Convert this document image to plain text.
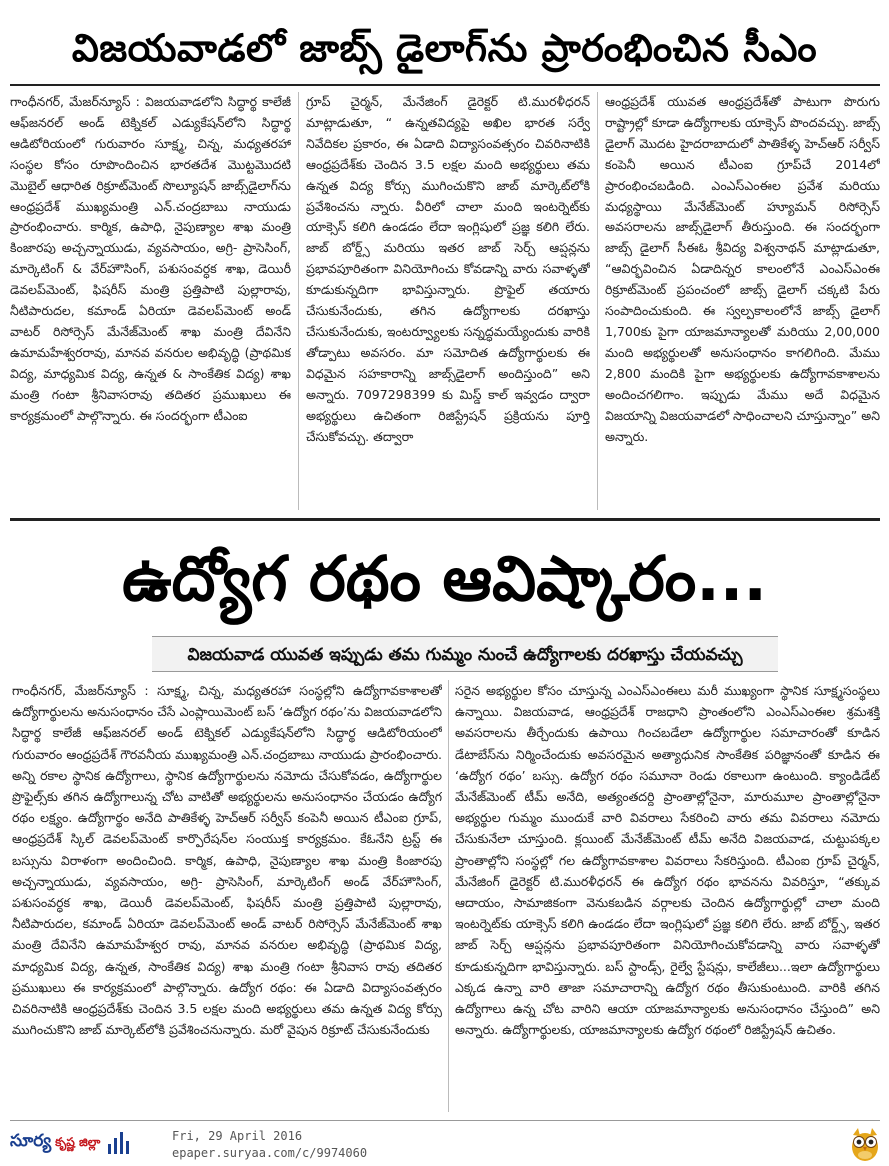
విజయవాడలో జాబ్స్ డైలాగ్‌ను ప్రారంభించిన సీఎం
గాంధీనగర్, మేజర్‌న్యూస్ : విజయవాడలోని సిద్ధార్థ కాలేజీ ఆఫ్‌జనరల్ అండ్ టెక్నికల్ ఎడ్యుకేషన్‌లోని సిద్ధార్థ ఆడిటోరియంలో గురువారం సూక్ష్మ, చిన్న, మధ్యతరహా సంస్థల కోసం రూపొందించిన భారతదేశ మొట్టమొదటి మొబైల్ ఆధారిత రిక్రూట్‌మెంట్ సొల్యూషన్ జాబ్స్‌డైలాగ్‌ను ఆంధ్రప్రదేశ్ ముఖ్యమంత్రి ఎన్.చంద్రబాబు నాయుడు ప్రారంభించారు. కార్మిక, ఉపాధి, నైపుణ్యాల శాఖ మంత్రి కింజారపు అచ్చన్నాయుడు, వ్యవసాయం, అగ్రి- ప్రాసెసింగ్, మార్కెటింగ్ & వేర్‌హౌసింగ్, పశుసంవర్ధక శాఖ, డెయిరీ డెవలప్‌మెంట్, ఫిషరీస్ మంత్రి ప్రత్తిపాటి పుల్లారావు, నీటిపారుదల, కమాండ్ ఏరియా డెవలప్‌మెంట్ అండ్ వాటర్ రిసోర్సెస్ మేనేజ్‌మెంట్ శాఖ మంత్రి దేవినేని ఉమామహేశ్వరరావు, మానవ వనరుల అభివృద్ధి (ప్రాథమిక విద్య, మాధ్యమిక విద్య, ఉన్నత & సాంకేతిక విద్య) శాఖ మంత్రి గంటా శ్రీనివాసరావు తదితర ప్రముఖులు ఈ కార్యక్రమంలో పాల్గొన్నారు. ఈ సందర్భంగా టీఎంఐ
గ్రూప్ చైర్మన్, మేనేజింగ్ డైరెక్టర్ టి.మురళీధరన్ మాట్లాడుతూ, “ ఉన్నతవిద్యపై అఖిల భారత సర్వే నివేదికల ప్రకారం, ఈ ఏడాది విద్యాసంవత్సరం చివరినాటికి ఆంధ్రప్రదేశ్‌కు చెందిన 3.5 లక్షల మంది అభ్యర్థులు తమ ఉన్నత విద్య కోర్సు ముగించుకొని జాబ్ మార్కెట్‌లోకి ప్రవేశించను న్నారు. వీరిలో చాలా మంది ఇంటర్నెట్‌కు యాక్సెస్ కలిగి ఉండడం లేదా ఇంగ్లిషులో ప్రజ్ఞ కలిగి లేరు. జాబ్ బోర్డ్స్ మరియు ఇతర జాబ్ సెర్చ్ ఆప్షన్లను ప్రభావపూరితంగా వినియోగించు కోవడాన్ని వారు సవాళ్ళతో కూడుకున్నదిగా భావిస్తున్నారు. ప్రొఫైల్ తయారు చేసుకునేందుకు, తగిన ఉద్యోగాలకు దరఖాస్తు చేసుకునేందుకు, ఇంటర్వ్యూలకు సన్నద్ధమయ్యేందుకు వారికి తోడ్పాటు అవసరం. మా సమోదిత ఉద్యోగార్థులకు ఈ విధమైన సహకారాన్ని జాబ్స్‌డైలాగ్ అందిస్తుంది” అని అన్నారు. 7097298399 కు మిస్డ్ కాల్ ఇవ్వడం ద్వారా అభ్యర్థులు ఉచితంగా రిజిస్ట్రేషన్ ప్రక్రియను పూర్తి చేసుకోవచ్చు. తద్వారా
ఆంధ్రప్రదేశ్ యువత ఆంధ్రప్రదేశ్‌తో పాటుగా పొరుగు రాష్ట్రాల్లో కూడా ఉద్యోగాలకు యాక్సెస్ పొందవచ్చు. జాబ్స్ డైలాగ్ మొదట హైదరాబాదులో పాతికేళ్ళ హెచ్‌ఆర్ సర్వీస్ కంపెనీ అయిన టీఎంఐ గ్రూప్‌చే 2014లో ప్రారంభించబడింది. ఎంఎస్‌ఎంఈల ప్రవేశ మరియు మధ్యస్థాయి మేనేజ్‌మెంట్ హ్యూమన్ రిసోర్సెస్ అవసరాలను జాబ్స్‌డైలాగ్ తీరుస్తుంది. ఈ సందర్భంగా జాబ్స్ డైలాగ్ సీఈఓ శ్రీవిద్య విశ్వనాథన్ మాట్లాడుతూ, “ఆవిర్భవించిన ఏడాదిన్నర కాలంలోనే ఎంఎస్‌ఎంఈ రిక్రూట్‌మెంట్ ప్రపంచంలో జాబ్స్ డైలాగ్ చక్కటి పేరు సంపాదించుకుంది. ఈ స్వల్పకాలంలోనే జాబ్స్ డైలాగ్ 1,700కు పైగా యాజమాన్యాలతో మరియు 2,00,000 మంది అభ్యర్థులతో అనుసంధానం కాగలిగింది. మేము 2,800 మందికి పైగా అభ్యర్థులకు ఉద్యోగావకాశాలను అందించగలిగాం. ఇప్పుడు మేము అదే విధమైన విజయాన్ని విజయవాడలో సాధించాలని చూస్తున్నాం” అని అన్నారు.
ఉద్యోగ రథం ఆవిష్కారం...
విజయవాడ యువత ఇప్పుడు తమ గుమ్మం నుంచే ఉద్యోగాలకు దరఖాస్తు చేయవచ్చు
గాంధీనగర్, మేజర్‌న్యూస్ : సూక్ష్మ, చిన్న, మధ్యతరహా సంస్థల్లోని ఉద్యోగావకాశాలతో ఉద్యోగార్థులను అనుసంధానం చేసే ఎంప్లాయిమెంట్ బస్ ‘ఉద్యోగ రథం’ను విజయవాడలోని సిద్ధార్థ కాలేజీ ఆఫ్‌జనరల్ అండ్ టెక్నికల్ ఎడ్యుకేషన్‌లోని సిద్ధార్థ ఆడిటోరియంలో గురువారం ఆంధ్రప్రదేశ్ గౌరవనీయ ముఖ్యమంత్రి ఎన్.చంద్రబాబు నాయుడు ప్రారంభించారు. అన్ని రకాల స్థానిక ఉద్యోగాలు, స్థానిక ఉద్యోగార్థులను నమోదు చేసుకోవడం, ఉద్యోగార్థుల ప్రొఫైల్స్‌కు తగిన ఉద్యోగాలున్న చోట వాటితో అభ్యర్థులను అనుసంధానం చేయడం ఉద్యోగ రథం లక్ష్యం. ఉద్యోగార్థం అనేది పాతికేళ్ళ హెచ్‌ఆర్ సర్వీస్ కంపెనీ అయిన టీఎంఐ గ్రూప్, ఆంధ్రప్రదేశ్ స్కిల్ డెవలప్‌మెంట్ కార్పొరేషన్‌ల సంయుక్త కార్యక్రమం. కేఓనేని ట్రస్ట్ ఈ బస్సును విరాళంగా అందించింది. కార్మిక, ఉపాధి, నైపుణ్యాల శాఖ మంత్రి కింజారపు అచ్చన్నాయుడు, వ్యవసాయం, అగ్రి- ప్రాసెసింగ్, మార్కెటింగ్ అండ్ వేర్‌హౌసింగ్, పశుసంవర్ధక శాఖ, డెయిరీ డెవలప్‌మెంట్, ఫిషరీస్ మంత్రి ప్రత్తిపాటి పుల్లారావు, నీటిపారుదల, కమాండ్ ఏరియా డెవలప్‌మెంట్ అండ్ వాటర్ రిసోర్సెస్ మేనేజ్‌మెంట్ శాఖ మంత్రి దేవినేని ఉమామహేశ్వర రావు, మానవ వనరుల అభివృద్ధి (ప్రాథమిక విద్య, మాధ్యమిక విద్య, ఉన్నత, సాంకేతిక విద్య) శాఖ మంత్రి గంటా శ్రీనివాస రావు తదితర ప్రముఖులు ఈ కార్యక్రమంలో పాల్గొన్నారు. ఉద్యోగ రథం: ఈ ఏడాది విద్యాసంవత్సరం చివరినాటికి ఆంధ్రప్రదేశ్‌కు చెందిన 3.5 లక్షల మంది అభ్యర్థులు తమ ఉన్నత విద్య కోర్సు ముగించుకొని జాబ్ మార్కెట్‌లోకి ప్రవేశించనున్నారు. మరో వైపున రిక్రూట్ చేసుకునేందుకు
సరైన అభ్యర్థుల కోసం చూస్తున్న ఎంఎస్‌ఎంఈలు మరీ ముఖ్యంగా స్థానిక సూక్ష్మసంస్థలు ఉన్నాయి. విజయవాడ, ఆంధ్రప్రదేశ్ రాజధాని ప్రాంతంలోని ఎంఎస్‌ఎంఈల శ్రమశక్తి అవసరాలను తీర్చేందుకు ఉపాయి గించబడేలా ఉద్యోగార్థుల సమాచారంతో కూడిన డేటాబేస్‌ను నిర్మించేందుకు అవసరమైన అత్యాధునిక సాంకేతిక పరిజ్ఞానంతో కూడిన ఈ ‘ఉద్యోగ రథం’ బస్సు. ఉద్యోగ రథం సమూనా రెండు రకాలుగా ఉంటుంది. క్యాండిడేట్ మేనేజ్‌మెంట్ టీమ్ అనేది, అత్యంతదర్ది ప్రాంతాల్లోనైనా, మారుమూల ప్రాంతాల్లోనైనా అభ్యర్థుల గుమ్మం ముందుకే వారి వివరాలు సేకరించి వారు తమ వివరాలు నమోదు చేసుకునేలా చూస్తుంది. క్లయింట్ మేనేజ్‌మెంట్ టీమ్ అనేది విజయవాడ, చుట్టుపక్కల ప్రాంతాల్లోని సంస్థల్లో గల ఉద్యోగావకాశాల వివరాలు సేకరిస్తుంది. టీఎంఐ గ్రూప్ చైర్మన్, మేనేజింగ్ డైరెక్టర్ టి.మురళీధరన్ ఈ ఉద్యోగ రథం భావనను వివరిస్తూ, “తక్కువ ఆదాయం, సామాజికంగా వెనుకబడిన వర్గాలకు చెందిన ఉద్యోగార్థుల్లో చాలా మంది ఇంటర్నెట్‌కు యాక్సెస్ కలిగి ఉండడం లేదా ఇంగ్లిషులో ప్రజ్ఞ కలిగి లేరు. జాబ్ బోర్డ్స్, ఇతర జాబ్ సెర్చ్ ఆప్షన్లను ప్రభావపూరితంగా వినియోగించుకోవడాన్ని వారు సవాళ్ళతో కూడుకున్నదిగా భావిస్తున్నారు. బస్ స్టాండ్స్, రైల్వే స్టేషన్లు, కాలేజీలు...ఇలా ఉద్యోగార్థులు ఎక్కడ ఉన్నా వారి తాజా సమాచారాన్ని ఉద్యోగ రథం తీసుకుంటుంది. వారికి తగిన ఉద్యోగాలు ఉన్న చోట వారిని ఆయా యాజమాన్యాలకు అనుసంధానం చేస్తుంది” అని అన్నారు. ఉద్యోగార్థులకు, యాజమాన్యాలకు ఉద్యోగ రథంలో రిజిస్ట్రేషన్ ఉచితం.
సూర్య కృష్ణ జిల్లా	Fri, 29 April 2016
epaper.suryaa.com/c/9974060
